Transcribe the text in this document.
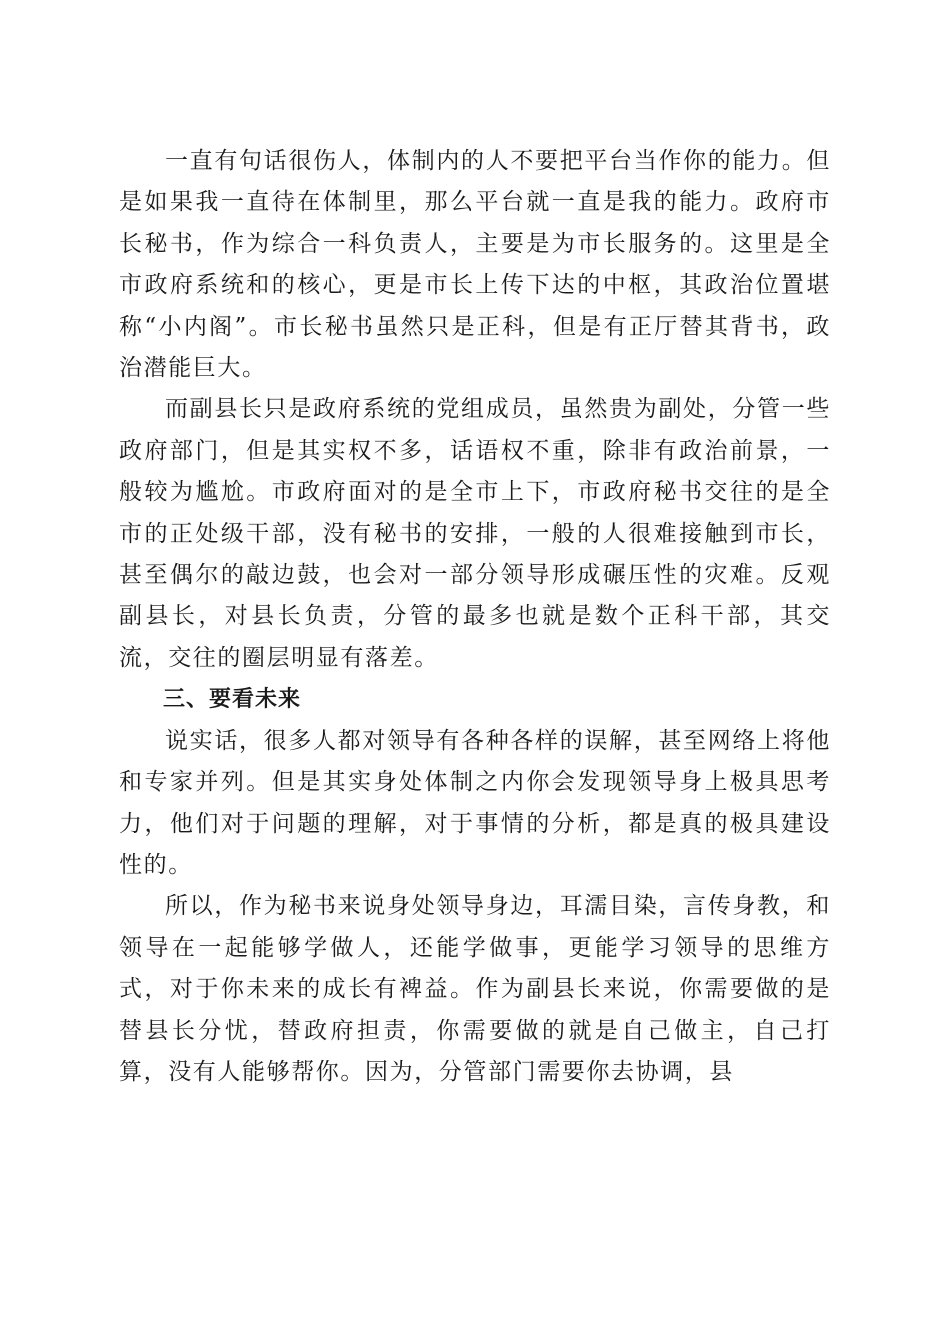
一直有句话很伤人，体制内的人不要把平台当作你的能力。但是如果我一直待在体制里，那么平台就一直是我的能力。政府市长秘书，作为综合一科负责人，主要是为市长服务的。这里是全市政府系统和的核心，更是市长上传下达的中枢，其政治位置堪称“小内阁”。市长秘书虽然只是正科，但是有正厅替其背书，政治潜能巨大。

而副县长只是政府系统的党组成员，虽然贵为副处，分管一些政府部门，但是其实权不多，话语权不重，除非有政治前景，一般较为尴尬。市政府面对的是全市上下，市政府秘书交往的是全市的正处级干部，没有秘书的安排，一般的人很难接触到市长，甚至偶尔的敲边鼓，也会对一部分领导形成碾压性的灾难。反观副县长，对县长负责，分管的最多也就是数个正科干部，其交流，交往的圈层明显有落差。

三、要看未来

说实话，很多人都对领导有各种各样的误解，甚至网络上将他和专家并列。但是其实身处体制之内你会发现领导身上极具思考力，他们对于问题的理解，对于事情的分析，都是真的极具建设性的。

所以，作为秘书来说身处领导身边，耳濡目染，言传身教，和领导在一起能够学做人，还能学做事，更能学习领导的思维方式，对于你未来的成长有裨益。作为副县长来说，你需要做的是替县长分忧，替政府担责，你需要做的就是自己做主，自己打算，没有人能够帮你。因为，分管部门需要你去协调，县
